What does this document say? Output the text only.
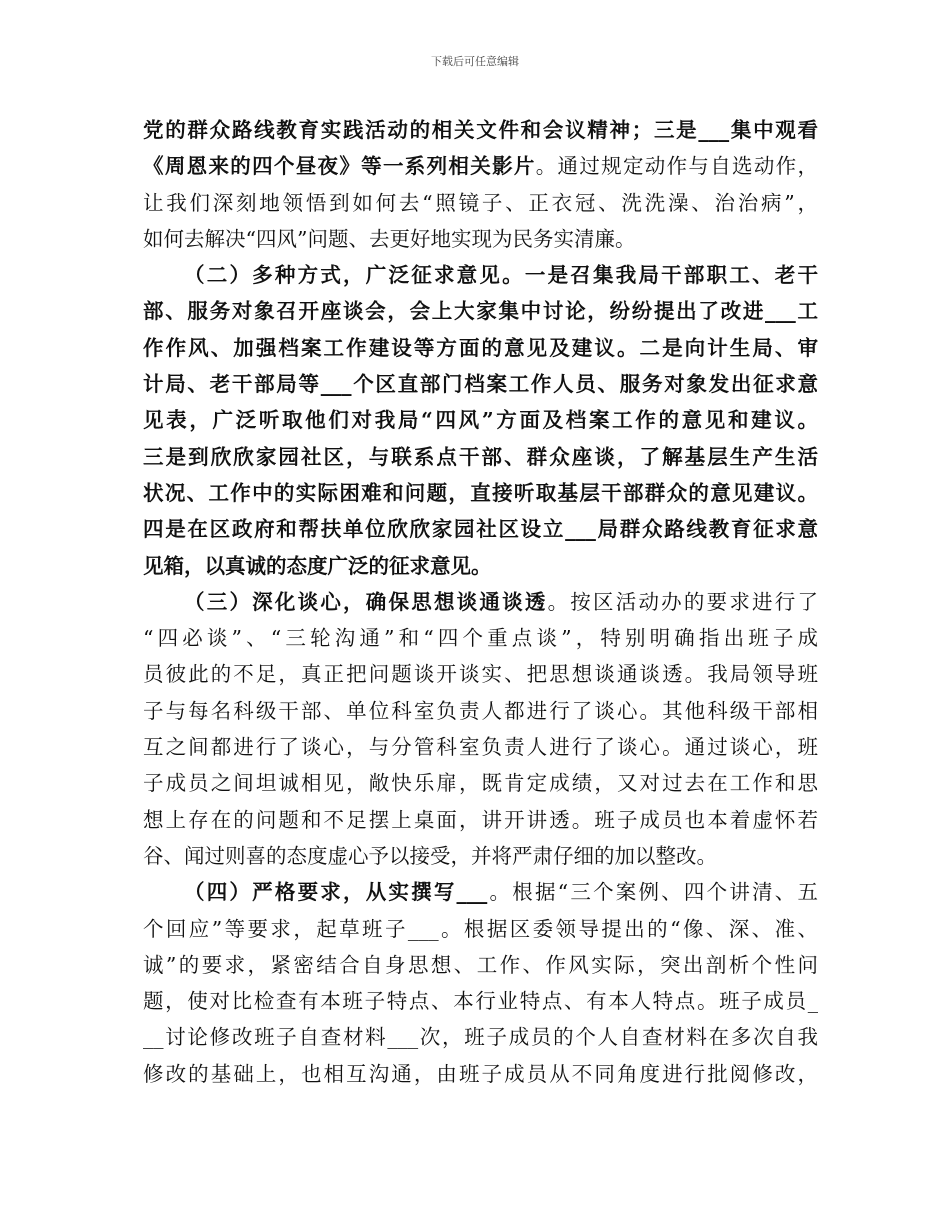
下载后可任意编辑
党的群众路线教育实践活动的相关文件和会议精神；三是___集中观看
《周恩来的四个昼夜》等一系列相关影片。通过规定动作与自选动作，
让我们深刻地领悟到如何去“照镜子、正衣冠、洗洗澡、治治病”，
如何去解决“四风”问题、去更好地实现为民务实清廉。
（二）多种方式，广泛征求意见。一是召集我局干部职工、老干
部、服务对象召开座谈会，会上大家集中讨论，纷纷提出了改进___工
作作风、加强档案工作建设等方面的意见及建议。二是向计生局、审
计局、老干部局等___个区直部门档案工作人员、服务对象发出征求意
见表，广泛听取他们对我局“四风”方面及档案工作的意见和建议。
三是到欣欣家园社区，与联系点干部、群众座谈，了解基层生产生活
状况、工作中的实际困难和问题，直接听取基层干部群众的意见建议。
四是在区政府和帮扶单位欣欣家园社区设立___局群众路线教育征求意
见箱，以真诚的态度广泛的征求意见。
（三）深化谈心，确保思想谈通谈透。按区活动办的要求进行了
“四必谈”、“三轮沟通”和“四个重点谈”，特别明确指出班子成
员彼此的不足，真正把问题谈开谈实、把思想谈通谈透。我局领导班
子与每名科级干部、单位科室负责人都进行了谈心。其他科级干部相
互之间都进行了谈心，与分管科室负责人进行了谈心。通过谈心，班
子成员之间坦诚相见，敞快乐扉，既肯定成绩，又对过去在工作和思
想上存在的问题和不足摆上桌面，讲开讲透。班子成员也本着虚怀若
谷、闻过则喜的态度虚心予以接受，并将严肃仔细的加以整改。
（四）严格要求，从实撰写___。根据“三个案例、四个讲清、五
个回应”等要求，起草班子___。根据区委领导提出的“像、深、准、
诚”的要求，紧密结合自身思想、工作、作风实际，突出剖析个性问
题，使对比检查有本班子特点、本行业特点、有本人特点。班子成员_
__讨论修改班子自查材料___次，班子成员的个人自查材料在多次自我
修改的基础上，也相互沟通，由班子成员从不同角度进行批阅修改，
